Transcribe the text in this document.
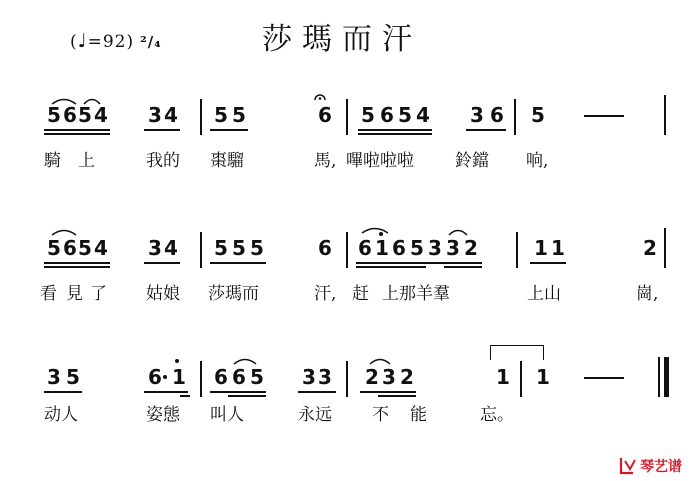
(♩=92) ²/₄	莎瑪而汗
5 6 5 4 3 4 5 5	6 5 6 5 4 3 6 5
騎 上	我的 棗騮	馬, 嗶啦啦啦 鈴鐺 响,
5 6 5 4 3 4 5 5 5	6 6 1 6 5 3 3 2	1 1	2
看 見 了 姑娘 莎瑪而	汗, 赶 上那羊羣	上山	崗,
3 5	6 1 6 6 5 3 3 2 3 2	1 1
动人	姿態 叫人	永远 不 能	忘。
琴艺谱
